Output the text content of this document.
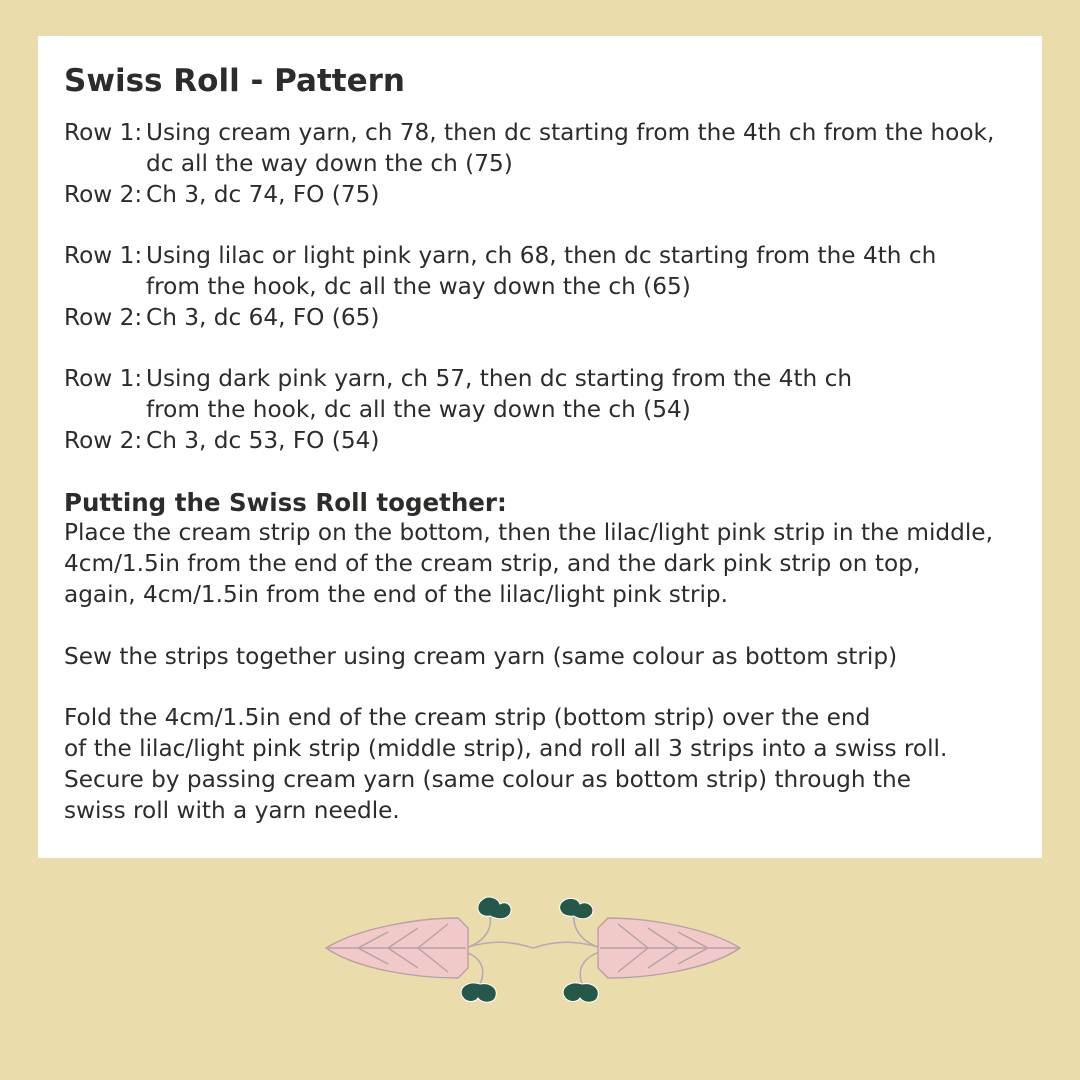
Swiss Roll - Pattern
Row 1: Using cream yarn, ch 78, then dc starting from the 4th ch from the hook,
dc all the way down the ch (75)
Row 2: Ch 3, dc 74, FO (75)
Row 1: Using lilac or light pink yarn, ch 68, then dc starting from the 4th ch
from the hook, dc all the way down the ch (65)
Row 2: Ch 3, dc 64, FO (65)
Row 1: Using dark pink yarn, ch 57, then dc starting from the 4th ch
from the hook, dc all the way down the ch (54)
Row 2: Ch 3, dc 53, FO (54)
Putting the Swiss Roll together:
Place the cream strip on the bottom, then the lilac/light pink strip in the middle,
4cm/1.5in from the end of the cream strip, and the dark pink strip on top,
again, 4cm/1.5in from the end of the lilac/light pink strip.
Sew the strips together using cream yarn (same colour as bottom strip)
Fold the 4cm/1.5in end of the cream strip (bottom strip) over the end
of the lilac/light pink strip (middle strip), and roll all 3 strips into a swiss roll.
Secure by passing cream yarn (same colour as bottom strip) through the
swiss roll with a yarn needle.
